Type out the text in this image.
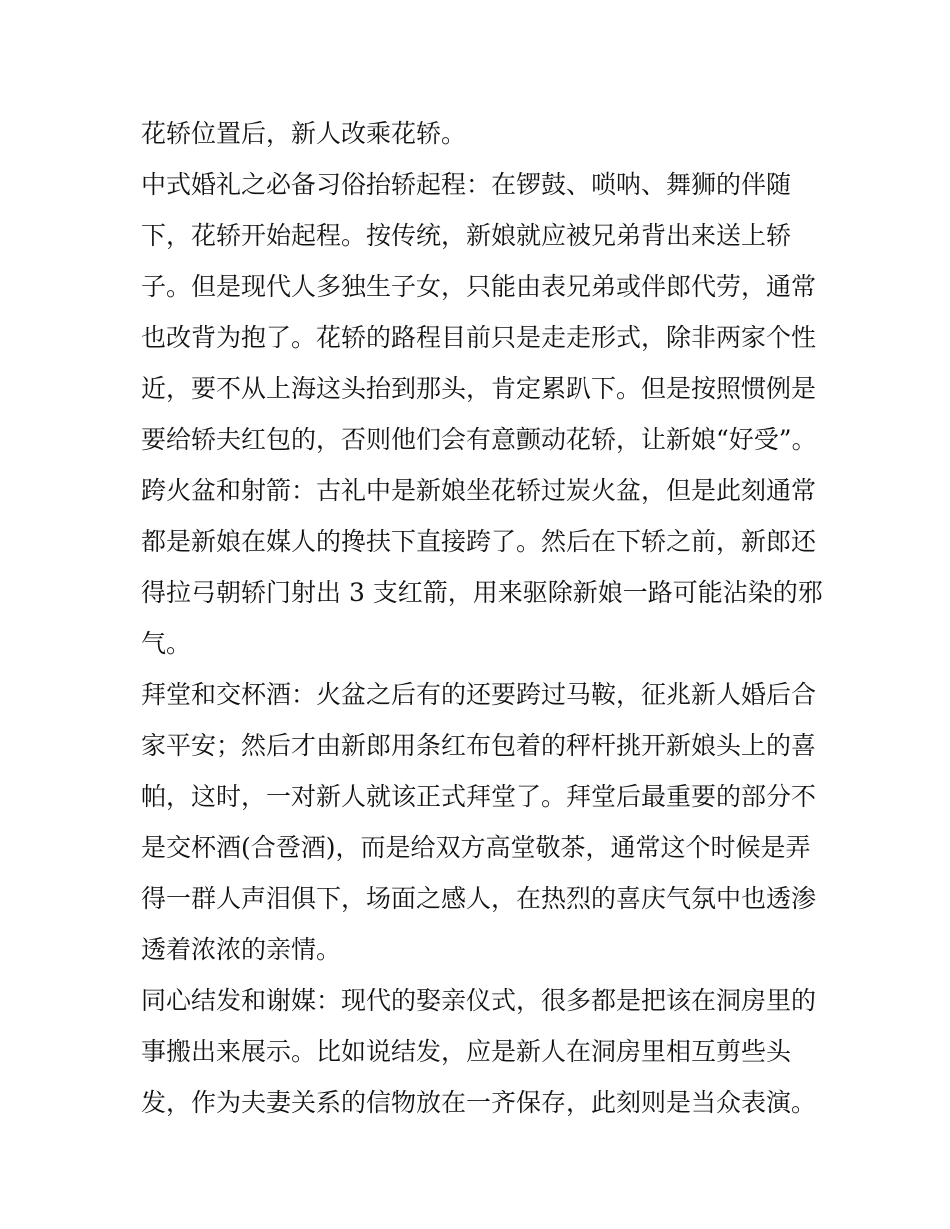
花轿位置后，新人改乘花轿。
中式婚礼之必备习俗抬轿起程：在锣鼓、唢呐、舞狮的伴随
下，花轿开始起程。按传统，新娘就应被兄弟背出来送上轿
子。但是现代人多独生子女，只能由表兄弟或伴郎代劳，通常
也改背为抱了。花轿的路程目前只是走走形式，除非两家个性
近，要不从上海这头抬到那头，肯定累趴下。但是按照惯例是
要给轿夫红包的，否则他们会有意颤动花轿，让新娘“好受”。
跨火盆和射箭：古礼中是新娘坐花轿过炭火盆，但是此刻通常
都是新娘在媒人的搀扶下直接跨了。然后在下轿之前，新郎还
得拉弓朝轿门射出 3 支红箭，用来驱除新娘一路可能沾染的邪
气。
拜堂和交杯酒：火盆之后有的还要跨过马鞍，征兆新人婚后合
家平安；然后才由新郎用条红布包着的秤杆挑开新娘头上的喜
帕，这时，一对新人就该正式拜堂了。拜堂后最重要的部分不
是交杯酒(合卺酒)，而是给双方高堂敬茶，通常这个时候是弄
得一群人声泪俱下，场面之感人，在热烈的喜庆气氛中也透渗
透着浓浓的亲情。
同心结发和谢媒：现代的娶亲仪式，很多都是把该在洞房里的
事搬出来展示。比如说结发，应是新人在洞房里相互剪些头
发，作为夫妻关系的信物放在一齐保存，此刻则是当众表演。
